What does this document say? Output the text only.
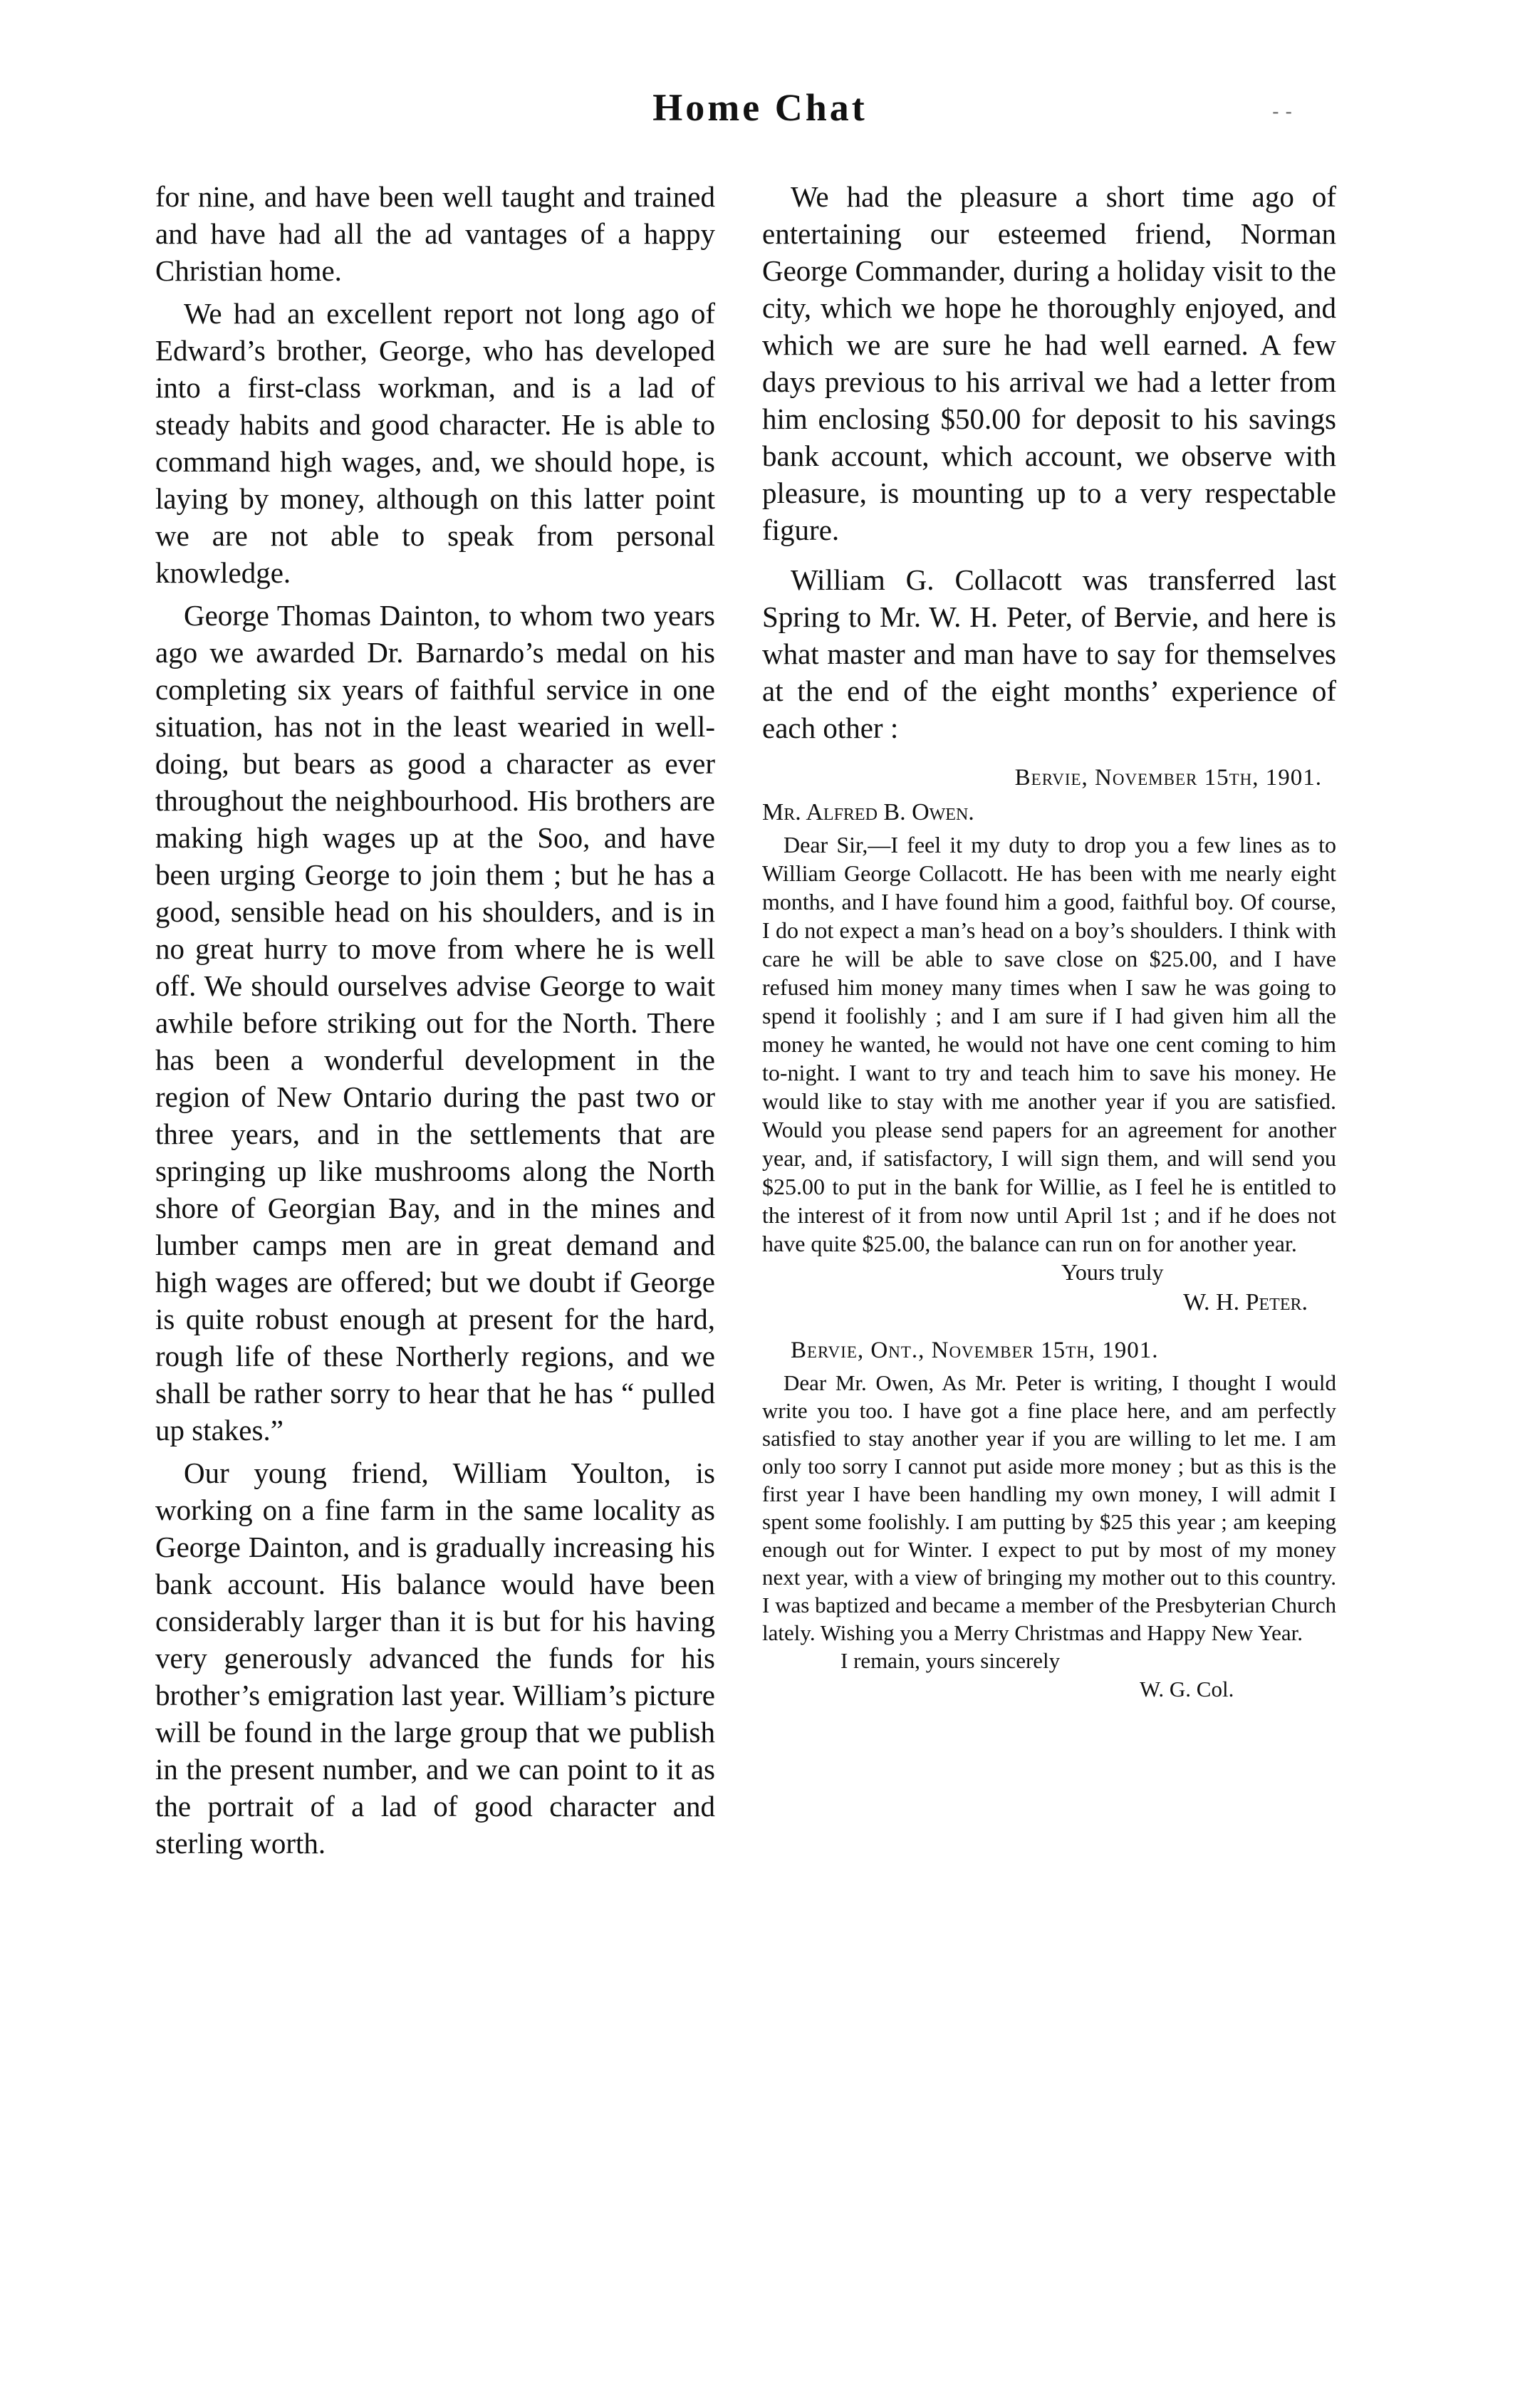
Home Chat	- -

for nine, and have been well taught and trained and have had all the ad vantages of a happy Christian home.

We had an excellent report not long ago of Edward’s brother, George, who has developed into a first-class workman, and is a lad of steady habits and good character. He is able to command high wages, and, we should hope, is laying by money, although on this latter point we are not able to speak from personal knowledge.

George Thomas Dainton, to whom two years ago we awarded Dr. Barnardo’s medal on his completing six years of faithful service in one situation, has not in the least wearied in well-doing, but bears as good a character as ever throughout the neighbourhood. His brothers are making high wages up at the Soo, and have been urging George to join them ; but he has a good, sensible head on his shoulders, and is in no great hurry to move from where he is well off. We should ourselves advise George to wait awhile before striking out for the North. There has been a wonderful development in the region of New Ontario during the past two or three years, and in the settlements that are springing up like mushrooms along the North shore of Georgian Bay, and in the mines and lumber camps men are in great demand and high wages are offered; but we doubt if George is quite robust enough at present for the hard, rough life of these Northerly regions, and we shall be rather sorry to hear that he has “ pulled up stakes.”

Our young friend, William Youlton, is working on a fine farm in the same locality as George Dainton, and is gradually increasing his bank account. His balance would have been considerably larger than it is but for his having very generously advanced the funds for his brother’s emigration last year. William’s picture will be found in the large group that we publish in the present number, and we can point to it as the portrait of a lad of good character and sterling worth.

We had the pleasure a short time ago of entertaining our esteemed friend, Norman George Commander, during a holiday visit to the city, which we hope he thoroughly enjoyed, and which we are sure he had well earned. A few days previous to his arrival we had a letter from him enclosing $50.00 for deposit to his savings bank account, which account, we observe with pleasure, is mounting up to a very respectable figure.

William G. Collacott was transferred last Spring to Mr. W. H. Peter, of Bervie, and here is what master and man have to say for themselves at the end of the eight months’ experience of each other :

Bervie, November 15th, 1901.

Mr. Alfred B. Owen.

Dear Sir,—I feel it my duty to drop you a few lines as to William George Collacott. He has been with me nearly eight months, and I have found him a good, faithful boy. Of course, I do not expect a man’s head on a boy’s shoulders. I think with care he will be able to save close on $25.00, and I have refused him money many times when I saw he was going to spend it foolishly ; and I am sure if I had given him all the money he wanted, he would not have one cent coming to him to-night. I want to try and teach him to save his money. He would like to stay with me another year if you are satisfied. Would you please send papers for an agreement for another year, and, if satisfactory, I will sign them, and will send you $25.00 to put in the bank for Willie, as I feel he is entitled to the interest of it from now until April 1st ; and if he does not have quite $25.00, the balance can run on for another year.

Yours truly

W. H. Peter.

Bervie, Ont., November 15th, 1901.

Dear Mr. Owen, As Mr. Peter is writing, I thought I would write you too. I have got a fine place here, and am perfectly satisfied to stay another year if you are willing to let me. I am only too sorry I cannot put aside more money ; but as this is the first year I have been handling my own money, I will admit I spent some foolishly. I am putting by $25 this year ; am keeping enough out for Winter. I expect to put by most of my money next year, with a view of bringing my mother out to this country. I was baptized and became a member of the Presbyterian Church lately. Wishing you a Merry Christmas and Happy New Year.

I remain, yours sincerely

W. G. Col.
